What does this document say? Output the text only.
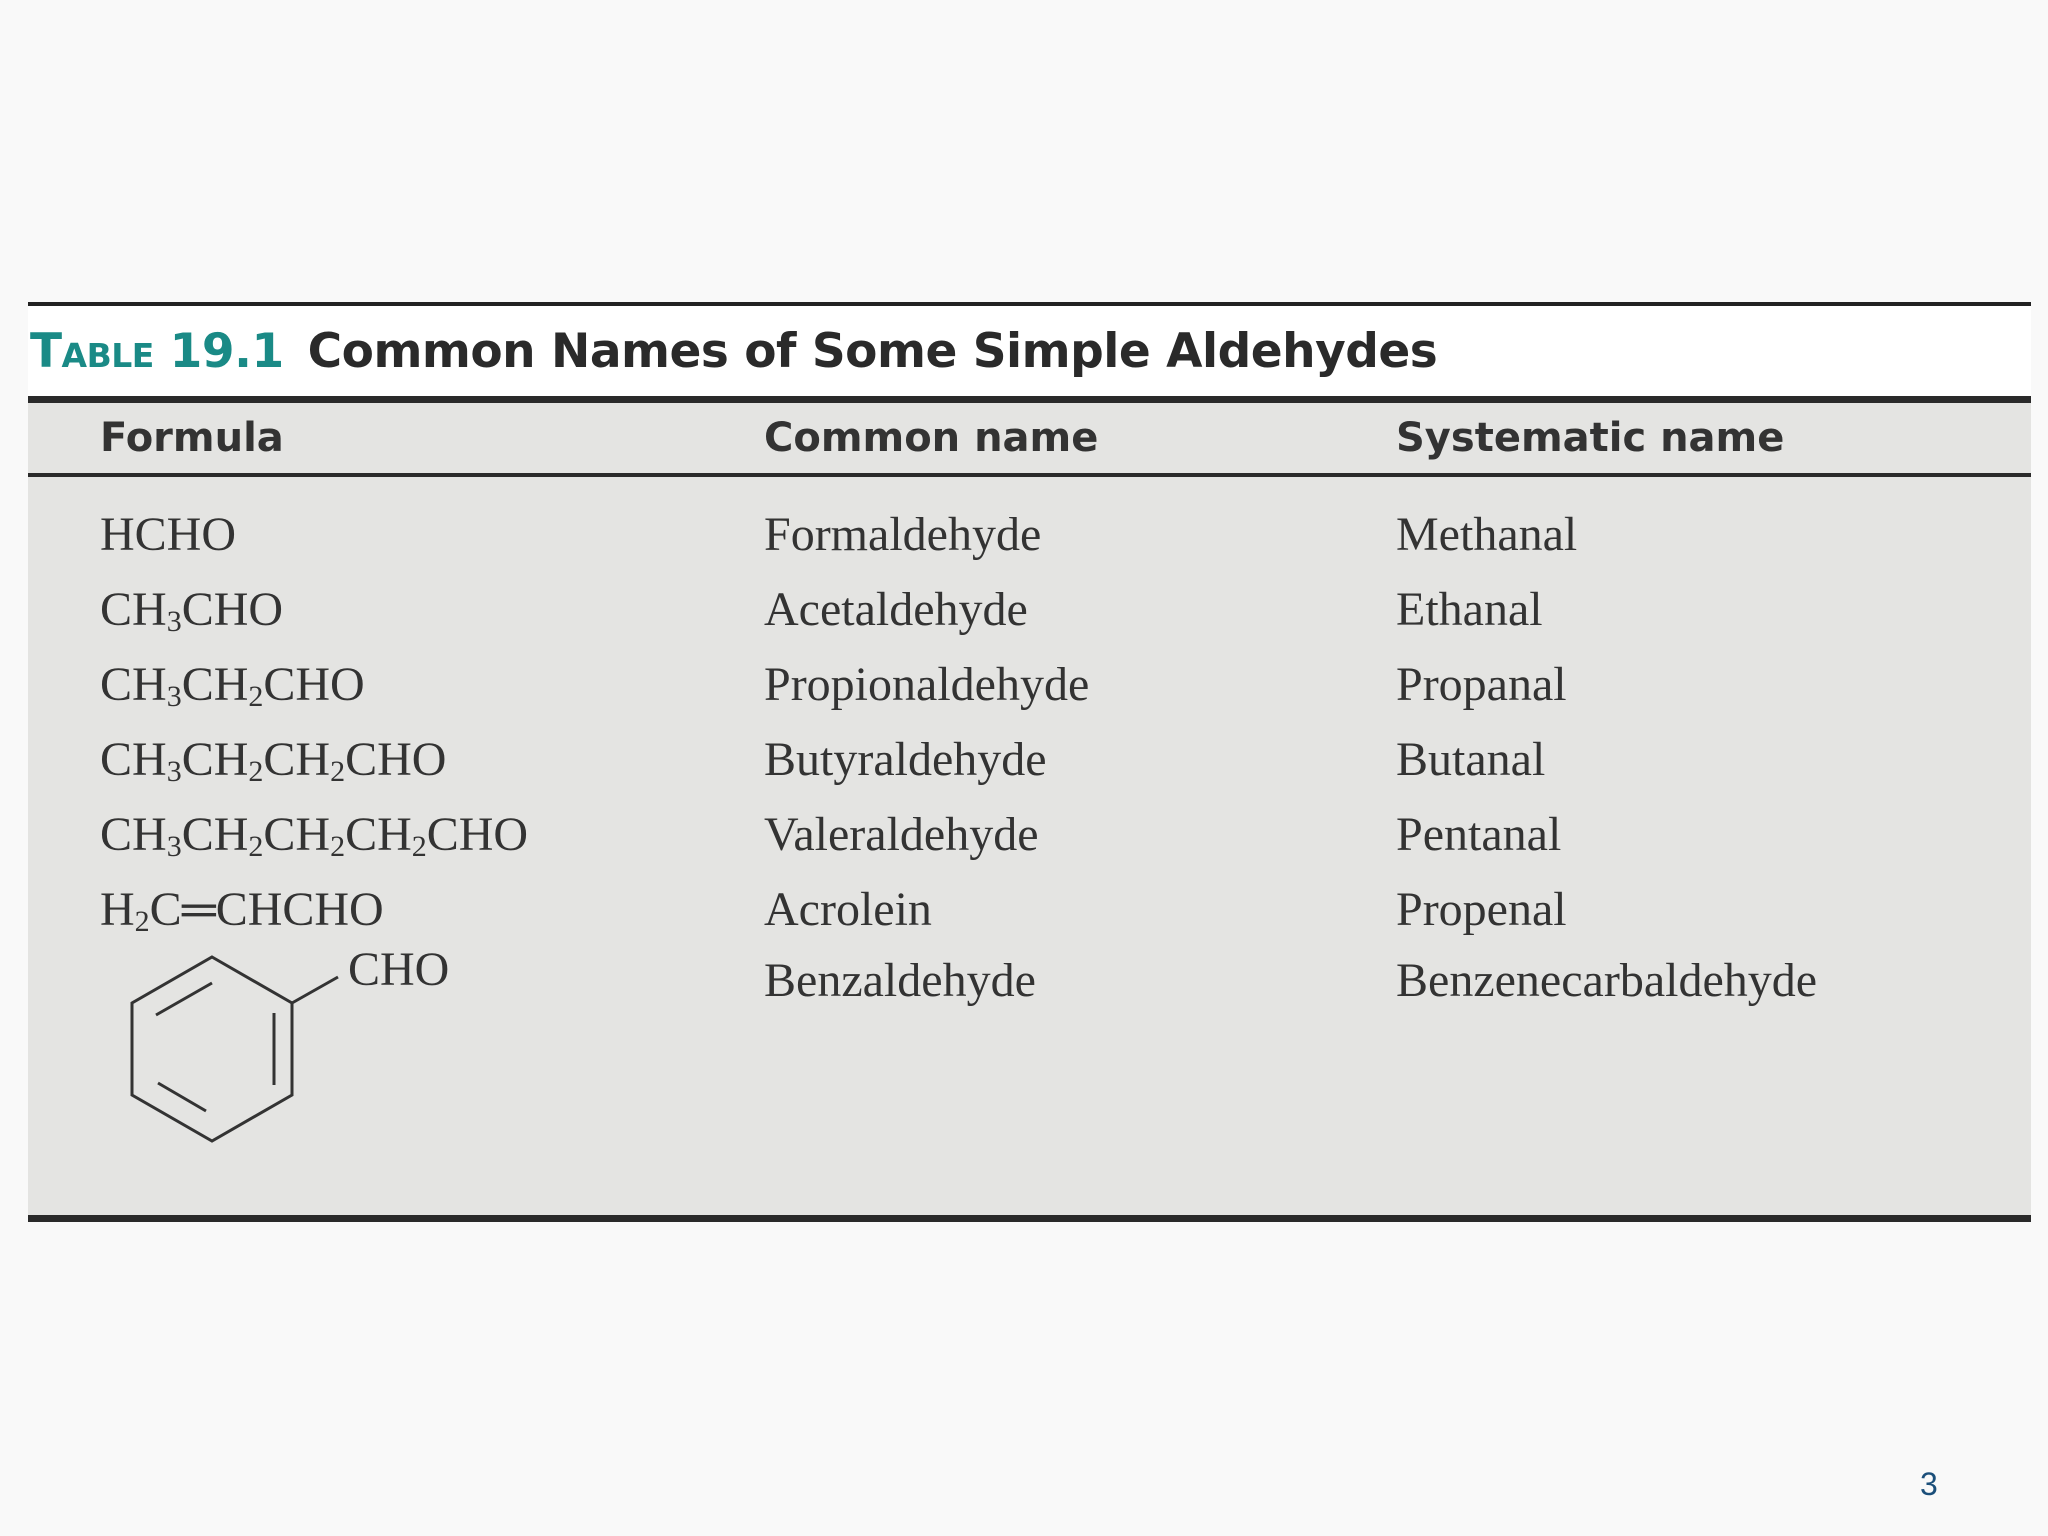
Table 19.1 Common Names of Some Simple Aldehydes
Formula	Common name	Systematic name
HCHO	Formaldehyde	Methanal
$CH_3CHO$	Acetaldehyde	Ethanal
$CH_3CH_2CHO$	Propionaldehyde	Propanal
$CH_3CH_2CH_2CHO$	Butyraldehyde	Butanal
$CH_3CH_2CH_2CH_2CHO$	Valeraldehyde	Pentanal
$H_2C═CHCHO$	Acrolein	Propenal
CHO	Benzaldehyde	Benzenecarbaldehyde
3
